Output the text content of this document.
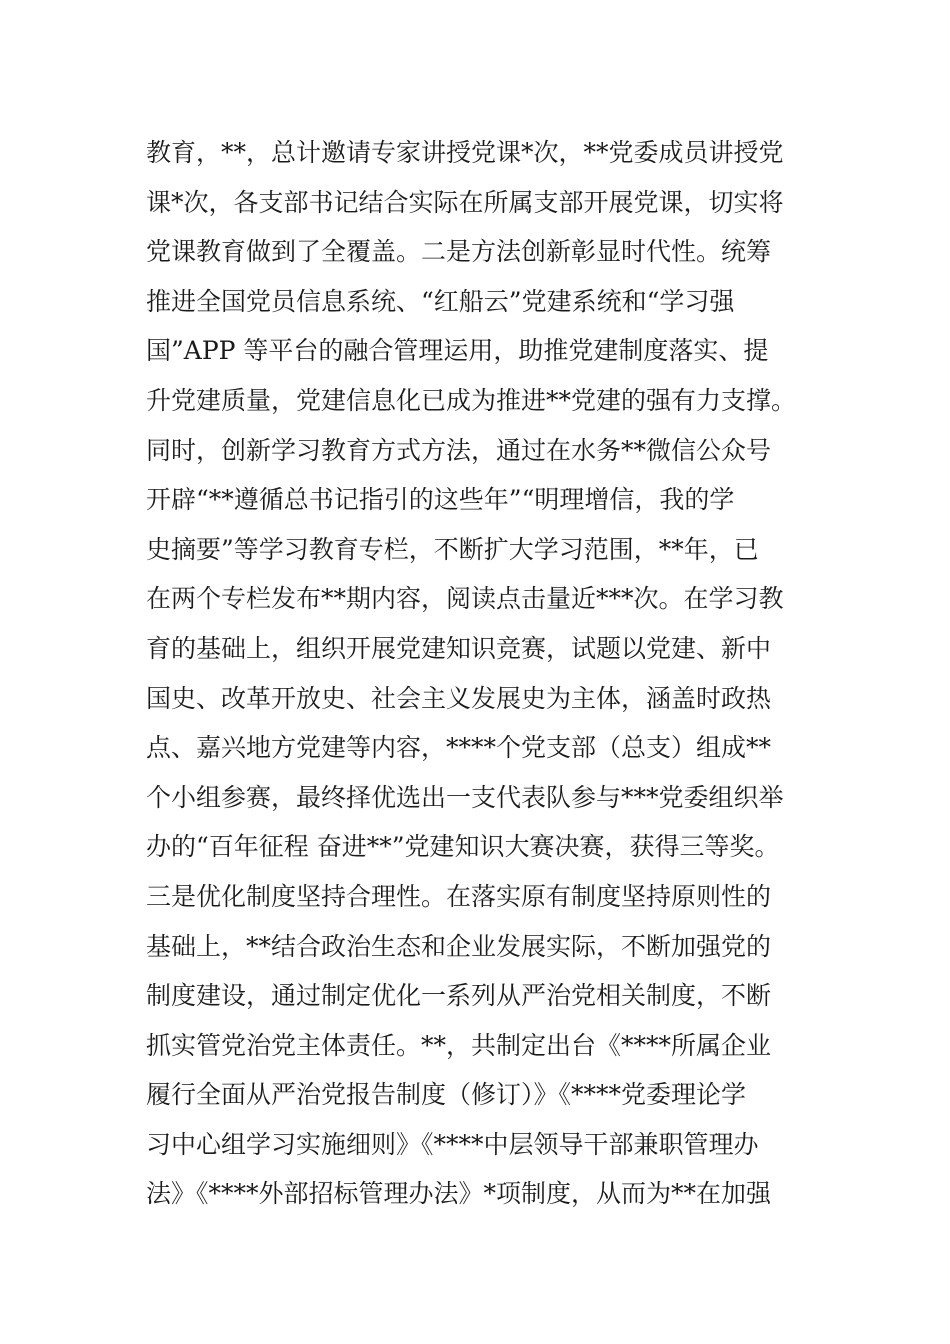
教育，**，总计邀请专家讲授党课*次，**党委成员讲授党
课*次，各支部书记结合实际在所属支部开展党课，切实将
党课教育做到了全覆盖。二是方法创新彰显时代性。统筹
推进全国党员信息系统、“红船云”党建系统和“学习强
国”APP 等平台的融合管理运用，助推党建制度落实、提
升党建质量，党建信息化已成为推进**党建的强有力支撑。
同时，创新学习教育方式方法，通过在水务**微信公众号
开辟“**遵循总书记指引的这些年”“明理增信，我的学
史摘要”等学习教育专栏，不断扩大学习范围，**年，已
在两个专栏发布**期内容，阅读点击量近***次。在学习教
育的基础上，组织开展党建知识竞赛，试题以党建、新中
国史、改革开放史、社会主义发展史为主体，涵盖时政热
点、嘉兴地方党建等内容，****个党支部（总支）组成**
个小组参赛，最终择优选出一支代表队参与***党委组织举
办的“百年征程 奋进**”党建知识大赛决赛，获得三等奖。
三是优化制度坚持合理性。在落实原有制度坚持原则性的
基础上，**结合政治生态和企业发展实际，不断加强党的
制度建设，通过制定优化一系列从严治党相关制度，不断
抓实管党治党主体责任。**，共制定出台《****所属企业
履行全面从严治党报告制度（修订）》《****党委理论学
习中心组学习实施细则》《****中层领导干部兼职管理办
法》《****外部招标管理办法》*项制度，从而为**在加强
